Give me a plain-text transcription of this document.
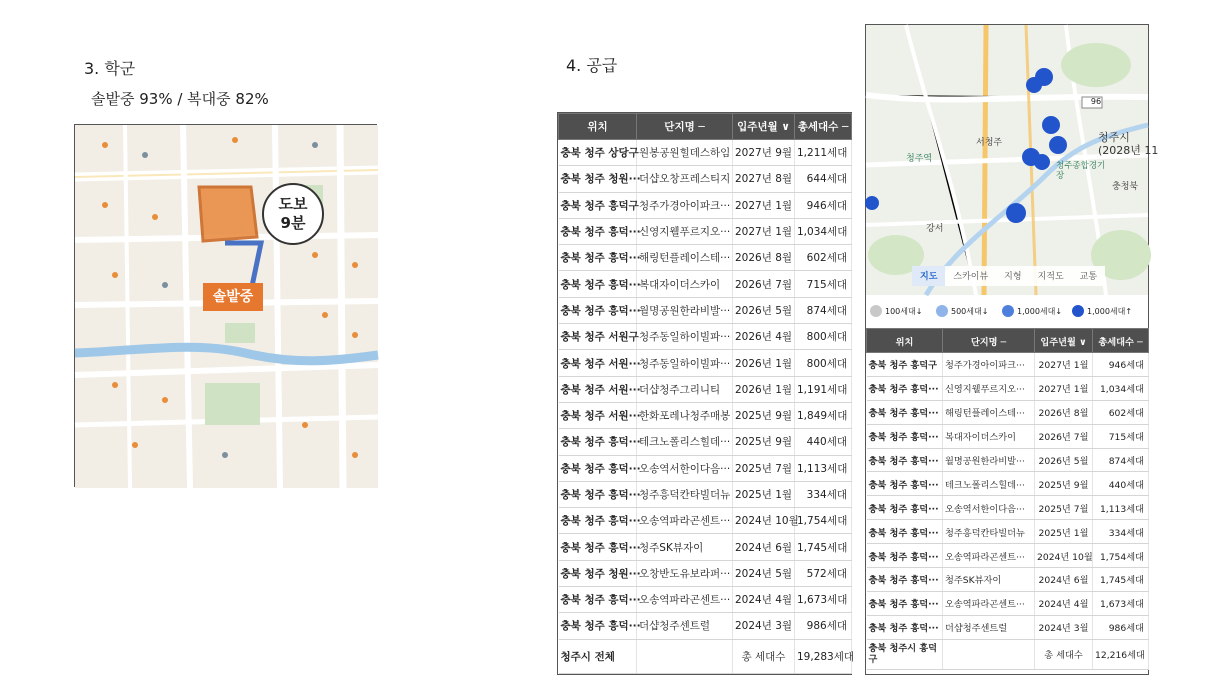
3. 학군
솔밭중 93% / 복대중 82%
도보
9분
솔밭중
4. 공급
위치	단지명 ─	입주년월 ∨	총세대수 ─
충북 청주 상당구	원봉공원힐데스하임	2027년 9월	1,211세대
충북 청주 청원···	더샵오창프레스티지	2027년 8월	644세대
충북 청주 흥덕구	청주가경아이파크···	2027년 1월	946세대
충북 청주 흥덕···	신영지웰푸르지오···	2027년 1월	1,034세대
충북 청주 흥덕···	해링턴플레이스테···	2026년 8월	602세대
충북 청주 흥덕···	복대자이더스카이	2026년 7월	715세대
충북 청주 흥덕···	월명공원한라비발···	2026년 5월	874세대
충북 청주 서원구	청주동일하이빌파···	2026년 4월	800세대
충북 청주 서원···	청주동일하이빌파···	2026년 1월	800세대
충북 청주 서원···	더샵청주그리니티	2026년 1월	1,191세대
충북 청주 서원···	한화포레나청주매봉	2025년 9월	1,849세대
충북 청주 흥덕···	테크노폴리스힐데···	2025년 9월	440세대
충북 청주 흥덕···	오송역서한이다음···	2025년 7월	1,113세대
충북 청주 흥덕···	청주흥덕칸타빌더뉴	2025년 1월	334세대
충북 청주 흥덕···	오송역파라곤센트···	2024년 10월	1,754세대
충북 청주 흥덕···	청주SK뷰자이	2024년 6월	1,745세대
충북 청주 청원···	오창반도유보라퍼···	2024년 5월	572세대
충북 청주 흥덕···	오송역파라곤센트···	2024년 4월	1,673세대
충북 청주 흥덕···	더샵청주센트럴	2024년 3월	986세대
청주시 전체		총 세대수	19,283세대
96
청주시
(2028년 11
서청주
청주역
청주종합경기장
충청북
강서
지도	스카이뷰	지형	지적도	교통
100세대↓	500세대↓	1,000세대↓	1,000세대↑
위치	단지명 ─	입주년월 ∨	총세대수 ─
충북 청주 흥덕구	청주가경아이파크···	2027년 1월	946세대
충북 청주 흥덕···	신영지웰푸르지오···	2027년 1월	1,034세대
충북 청주 흥덕···	해링턴플레이스테···	2026년 8월	602세대
충북 청주 흥덕···	복대자이더스카이	2026년 7월	715세대
충북 청주 흥덕···	월명공원한라비발···	2026년 5월	874세대
충북 청주 흥덕···	테크노폴리스힐데···	2025년 9월	440세대
충북 청주 흥덕···	오송역서한이다음···	2025년 7월	1,113세대
충북 청주 흥덕···	청주흥덕칸타빌더뉴	2025년 1월	334세대
충북 청주 흥덕···	오송역파라곤센트···	2024년 10월	1,754세대
충북 청주 흥덕···	청주SK뷰자이	2024년 6월	1,745세대
충북 청주 흥덕···	오송역파라곤센트···	2024년 4월	1,673세대
충북 청주 흥덕···	더샵청주센트럴	2024년 3월	986세대
충북 청주시 흥덕구		총 세대수	12,216세대
